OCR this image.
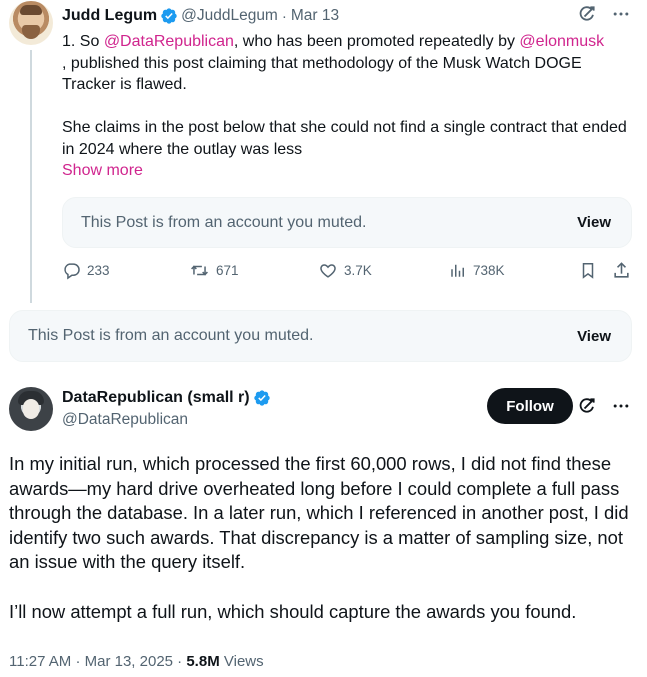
Judd Legum @JuddLegum · Mar 13
1. So @DataRepublican, who has been promoted repeatedly by @elonmusk
, published this post claiming that methodology of the Musk Watch DOGE Tracker is flawed.
She claims in the post below that she could not find a single contract that ended in 2024 where the outlay was less
Show more
This Post is from an account you muted.	View
233	671	3.7K	738K
This Post is from an account you muted.	View
DataRepublican (small r)
@DataRepublican
Follow

In my initial run, which processed the first 60,000 rows, I did not find these awards—my hard drive overheated long before I could complete a full pass through the database. In a later run, which I referenced in another post, I did identify two such awards. That discrepancy is a matter of sampling size, not an issue with the query itself.

I’ll now attempt a full run, which should capture the awards you found.

11:27 AM · Mar 13, 2025 · 5.8M Views
